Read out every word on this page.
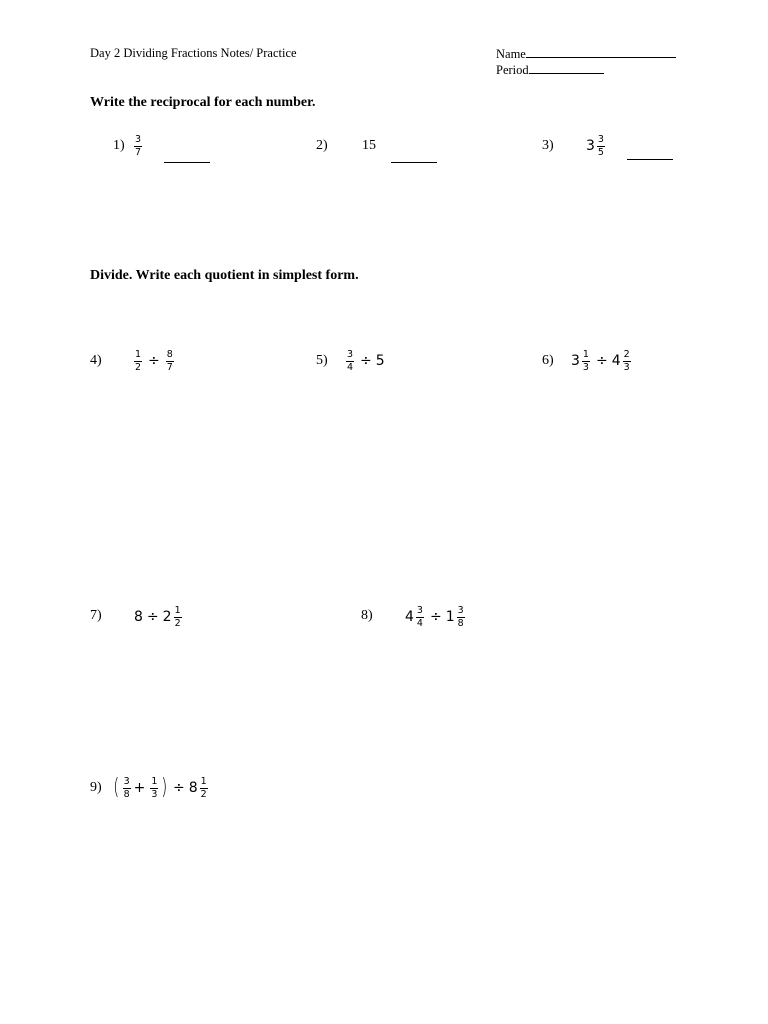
Day 2 Dividing Fractions Notes/ Practice	Name
Period
Write the reciprocal for each number.
$1) \frac{3}{7}$	2) 15	3) $3 \frac{3}{5}$
Divide. Write each quotient in simplest form.
4)	$\frac{1}{2} \div \frac{8}{7}$	$5) \frac{3}{4} \div 5$	6) $3 \frac{1}{3} \div 4 \frac{2}{3}$
7) $8 \div 2 \frac{1}{2}$	8) $4 \frac{3}{4} \div 1 \frac{3}{8}$
9) ( $\frac{3}{8} + \frac{1}{3}$ ) ÷ $8 \frac{1}{2}$
